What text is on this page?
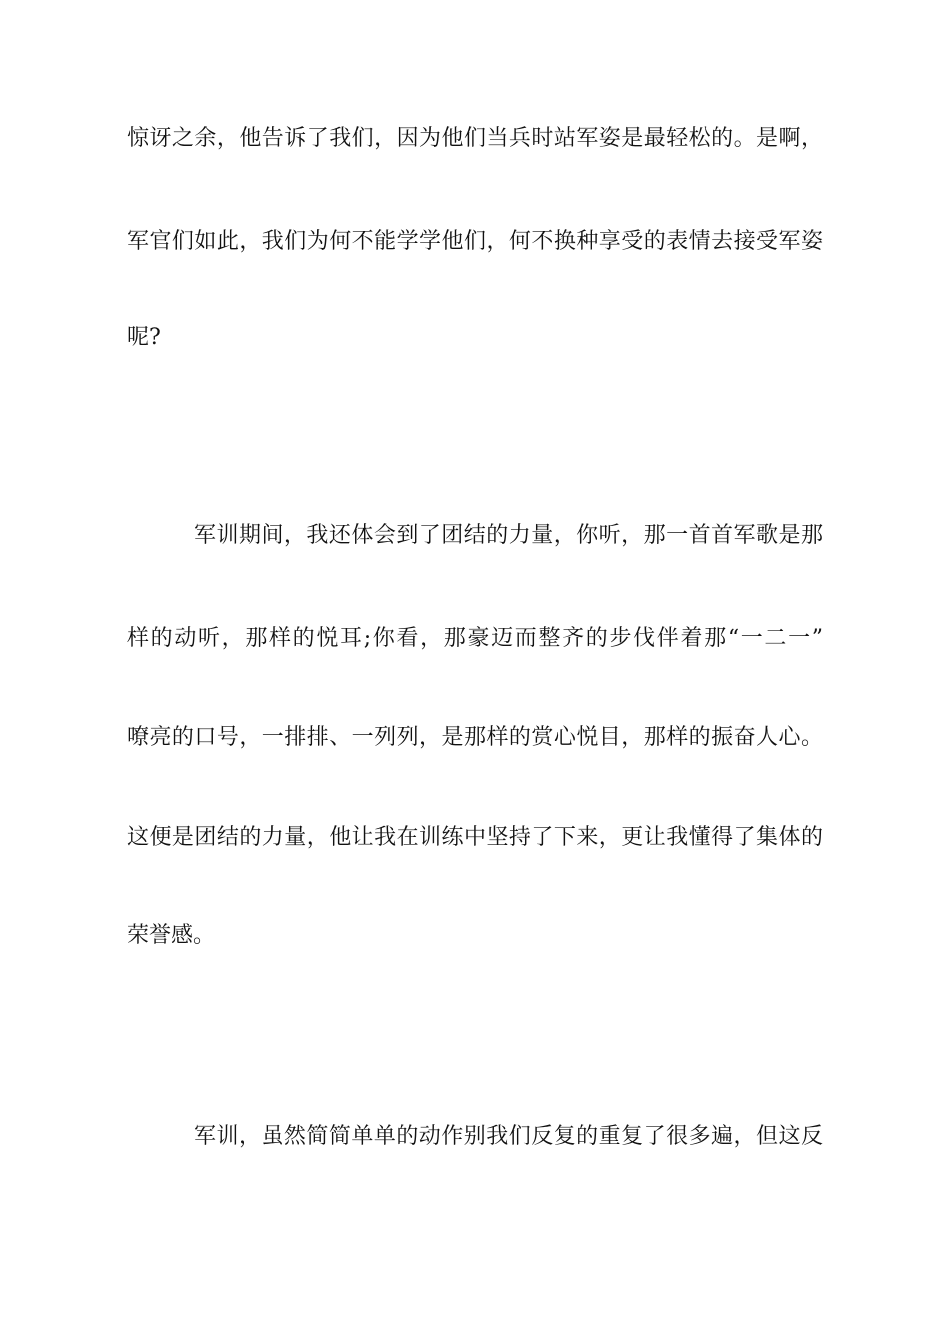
惊讶之余，他告诉了我们，因为他们当兵时站军姿是最轻松的。是啊，
军官们如此，我们为何不能学学他们，何不换种享受的表情去接受军姿
呢?
军训期间，我还体会到了团结的力量，你听，那一首首军歌是那
样的动听，那样的悦耳;你看，那豪迈而整齐的步伐伴着那“一二一”
嘹亮的口号，一排排、一列列，是那样的赏心悦目，那样的振奋人心。
这便是团结的力量，他让我在训练中坚持了下来，更让我懂得了集体的
荣誉感。
军训，虽然简简单单的动作别我们反复的重复了很多遍，但这反
